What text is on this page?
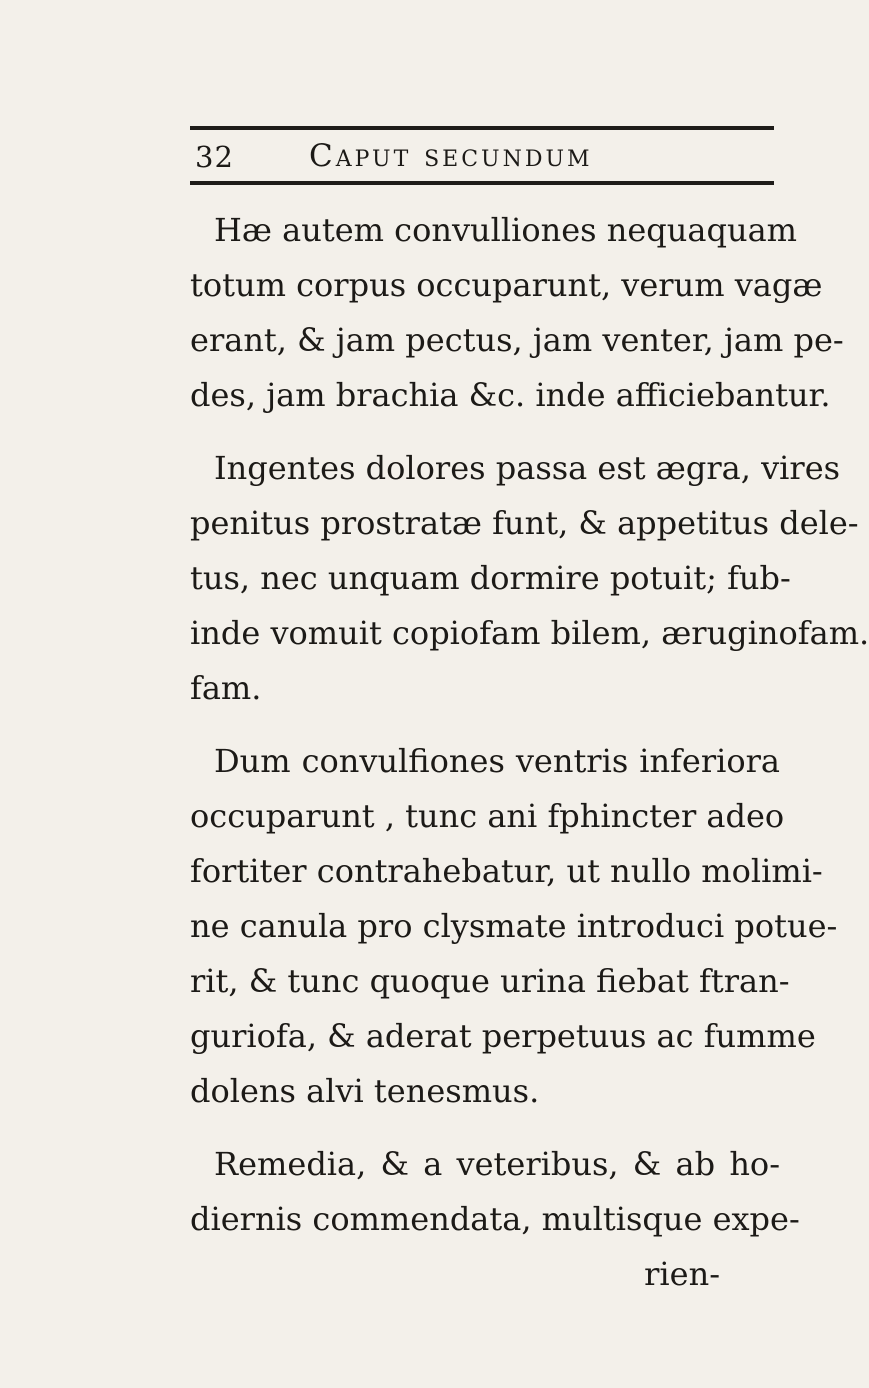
32 Caput secundum
Hæ autem convulliones nequaquam
totum corpus occuparunt, verum vagæ
erant, & jam pectus, jam venter, jam pe-
des, jam brachia &c. inde afficiebantur.
Ingentes dolores passa est ægra, vires
penitus prostratæ funt, & appetitus dele-
tus, nec unquam dormire potuit; fub-
inde vomuit copiofam bilem, æruginofam.
fam.
Dum convulfiones ventris inferiora
occuparunt , tunc ani fphincter adeo
fortiter contrahebatur, ut nullo molimi-
ne canula pro clysmate introduci potue-
rit, & tunc quoque urina fiebat ftran-
guriofa, & aderat perpetuus ac fumme
dolens alvi tenesmus.
Remedia, & a veteribus, & ab ho-
diernis commendata, multisque expe-
rien-
